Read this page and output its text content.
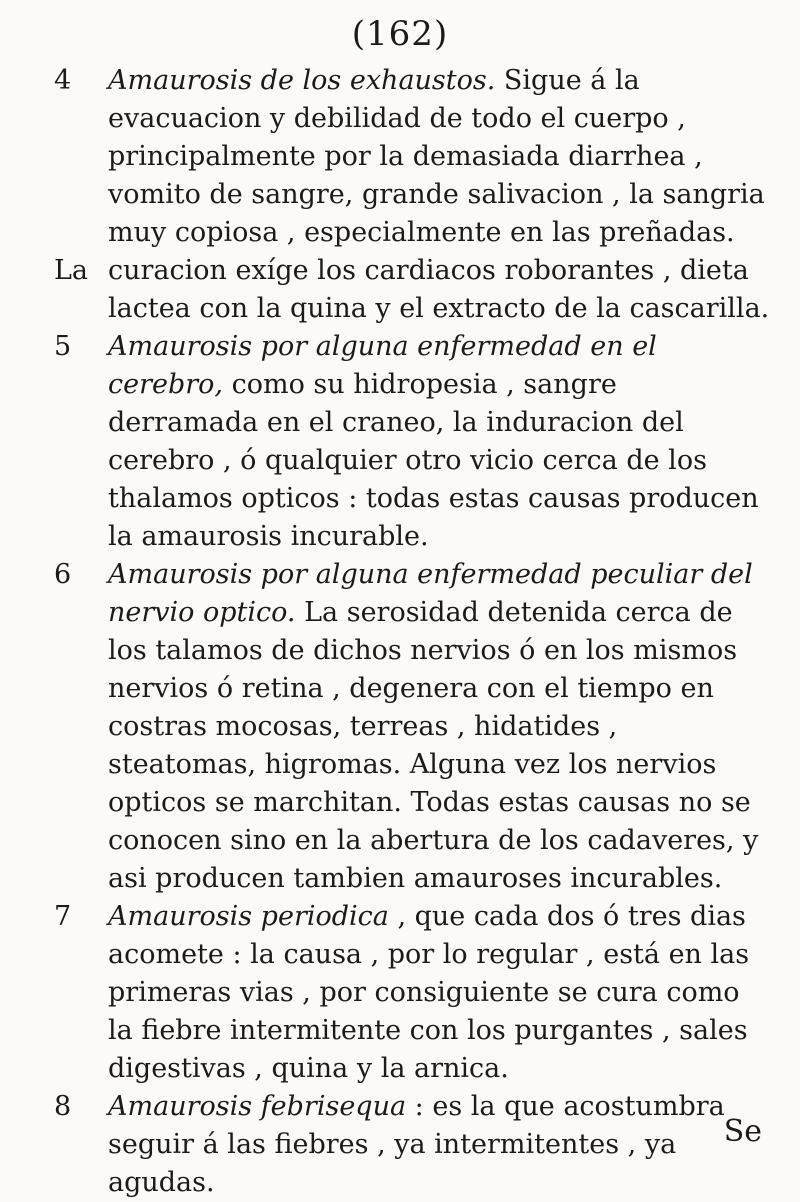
(162)
4 Amaurosis de los exhaustos. Sigue á la evacuacion y debilidad de todo el cuerpo , principalmente por la demasiada diarrhea , vomito de sangre, grande salivacion , la sangria muy copiosa , especialmente en las preñadas.
La curacion exíge los cardiacos roborantes , dieta lactea con la quina y el extracto de la cascarilla.
5 Amaurosis por alguna enfermedad en el cerebro, como su hidropesia , sangre derramada en el craneo, la induracion del cerebro , ó qualquier otro vicio cerca de los thalamos opticos : todas estas causas producen la amaurosis incurable.
6 Amaurosis por alguna enfermedad peculiar del nervio optico. La serosidad detenida cerca de los talamos de dichos nervios ó en los mismos nervios ó retina , degenera con el tiempo en costras mocosas, terreas , hidatides , steatomas, higromas. Alguna vez los nervios opticos se marchitan. Todas estas causas no se conocen sino en la abertura de los cadaveres, y asi producen tambien amauroses incurables.
7 Amaurosis periodica , que cada dos ó tres dias acomete : la causa , por lo regular , está en las primeras vias , por consiguiente se cura como la fiebre intermitente con los purgantes , sales digestivas , quina y la arnica.
8 Amaurosis febrisequa : es la que acostumbra seguir á las fiebres , ya intermitentes , ya agudas.
Se
